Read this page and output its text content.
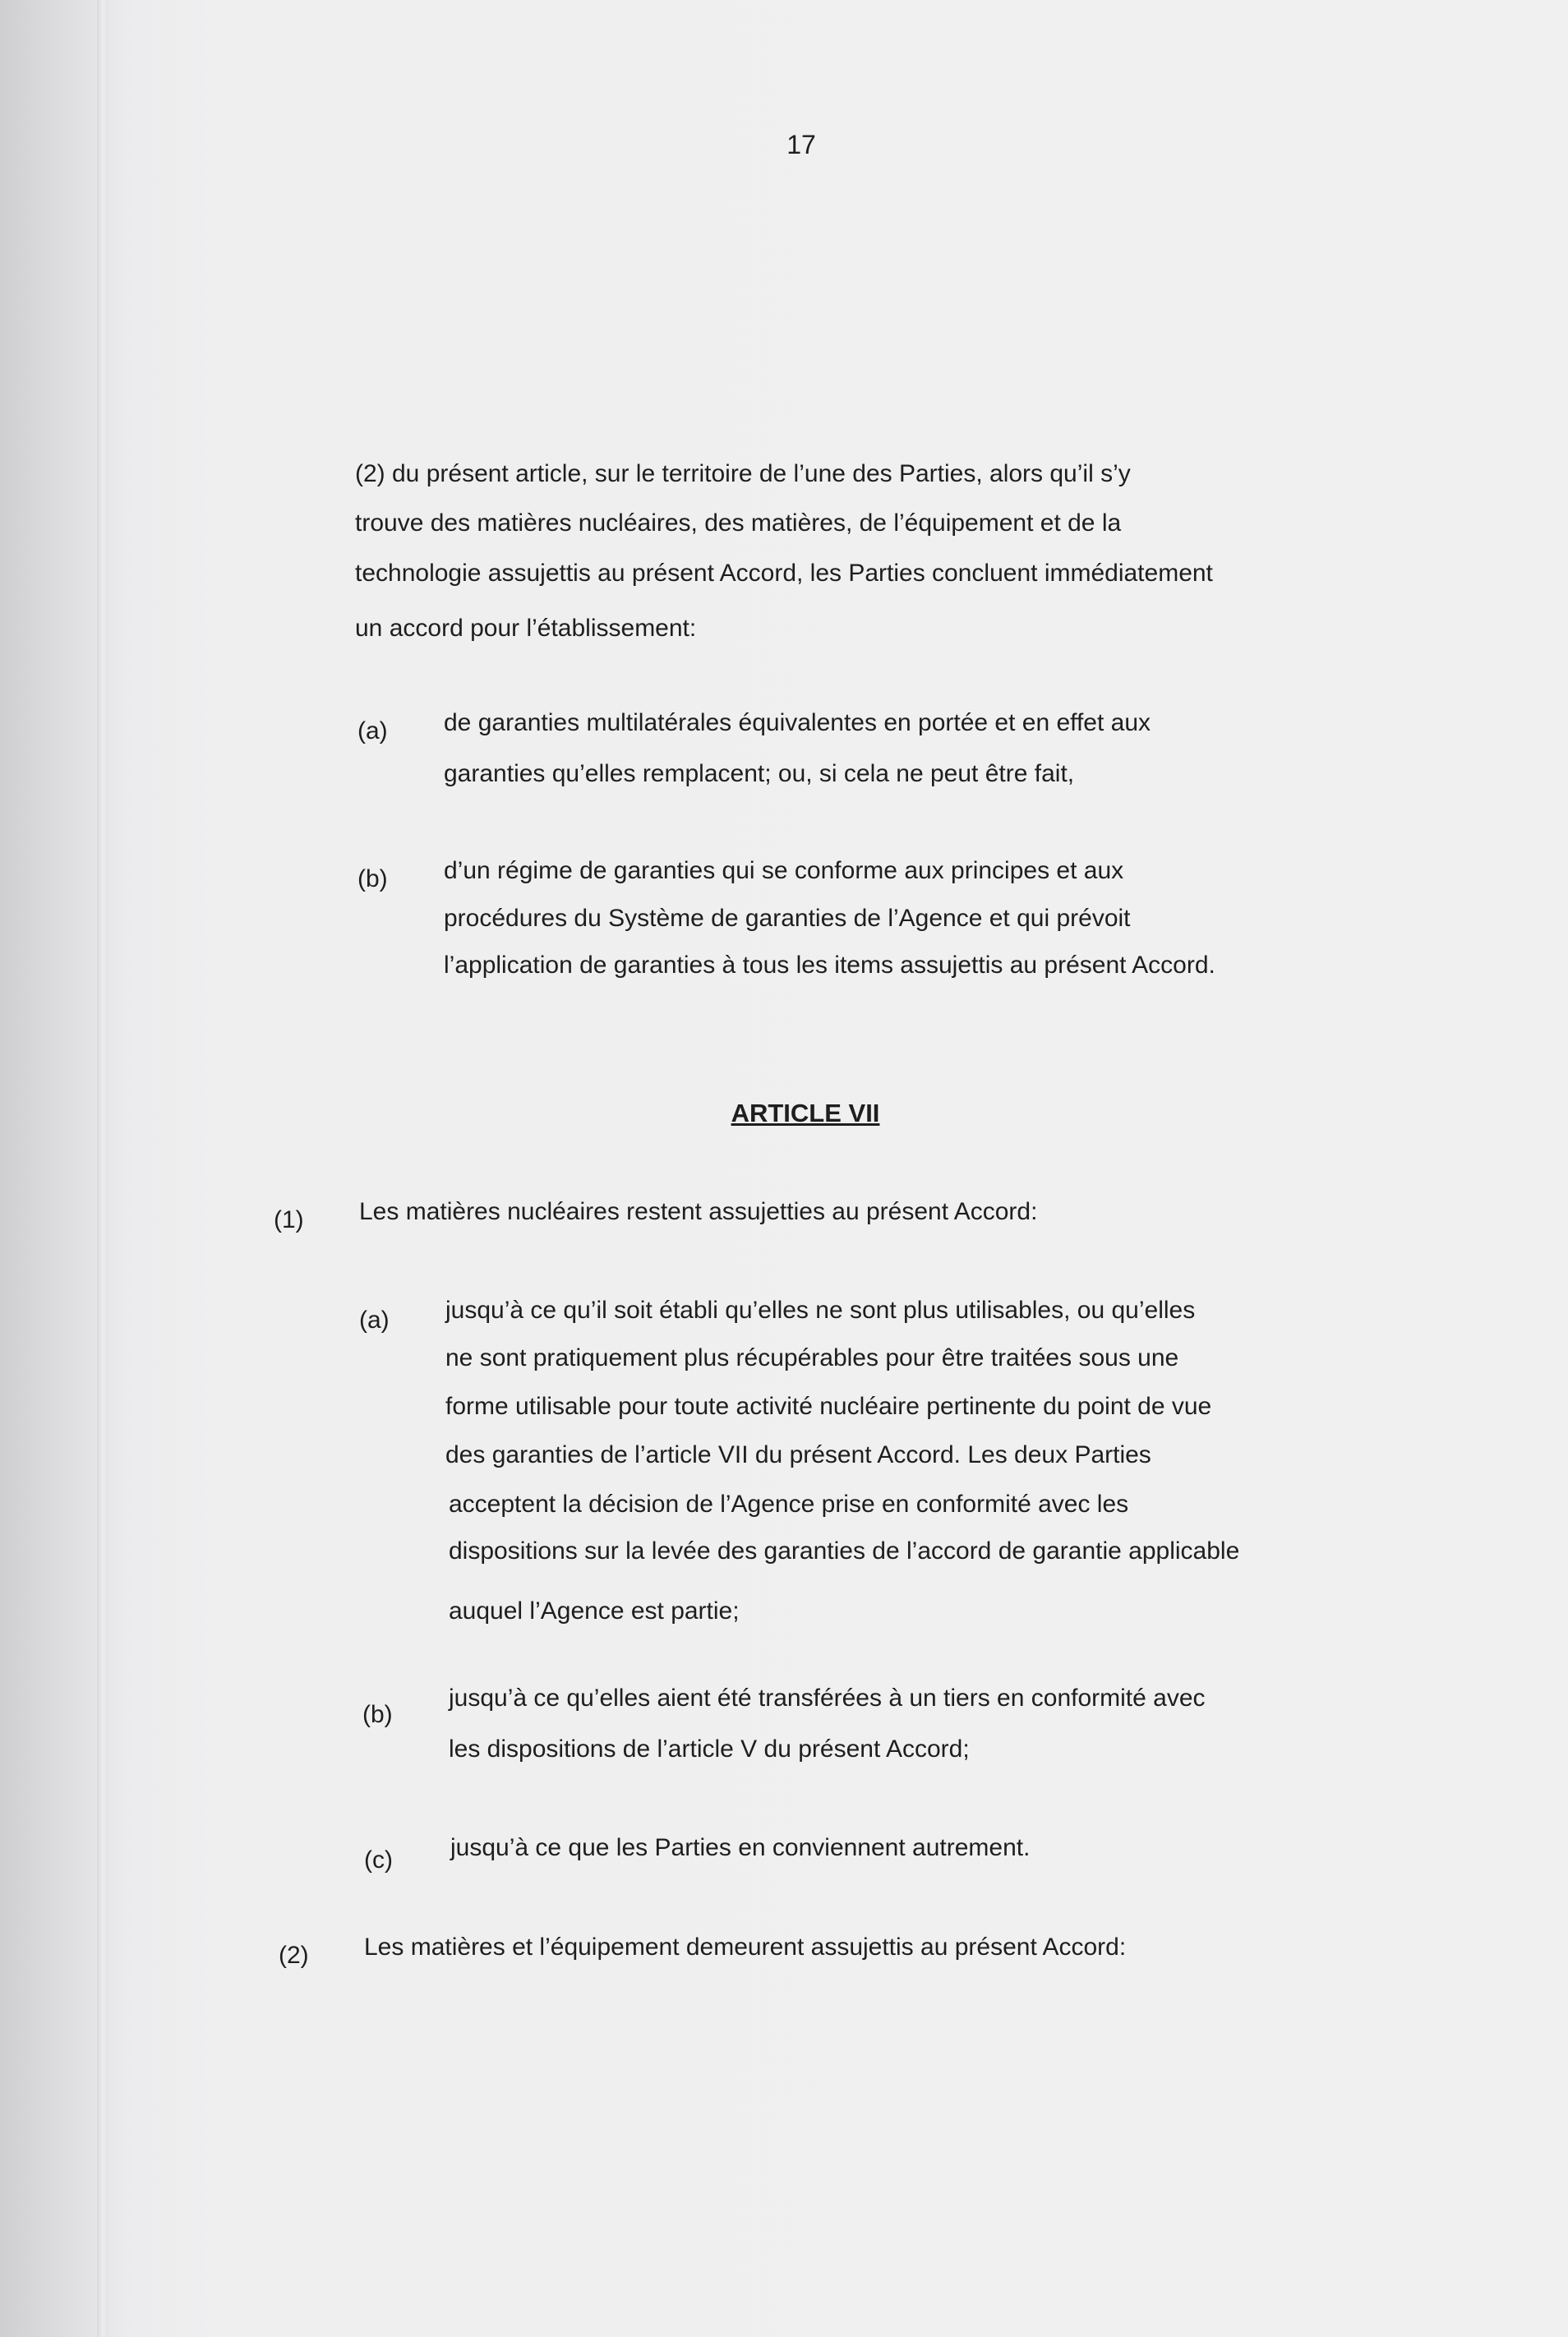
17
(2) du présent article, sur le territoire de l’une des Parties, alors qu’il s’y
trouve des matières nucléaires, des matières, de l’équipement et de la
technologie assujettis au présent Accord, les Parties concluent immédiatement
un accord pour l’établissement:
(a) de garanties multilatérales équivalentes en portée et en effet aux
garanties qu’elles remplacent; ou, si cela ne peut être fait,
(b) d’un régime de garanties qui se conforme aux principes et aux
procédures du Système de garanties de l’Agence et qui prévoit
l’application de garanties à tous les items assujettis au présent Accord.
ARTICLE VII
(1) Les matières nucléaires restent assujetties au présent Accord:
(a) jusqu’à ce qu’il soit établi qu’elles ne sont plus utilisables, ou qu’elles
ne sont pratiquement plus récupérables pour être traitées sous une
forme utilisable pour toute activité nucléaire pertinente du point de vue
des garanties de l’article VII du présent Accord. Les deux Parties
acceptent la décision de l’Agence prise en conformité avec les
dispositions sur la levée des garanties de l’accord de garantie applicable
auquel l’Agence est partie;
(b)
jusqu’à ce qu’elles aient été transférées à un tiers en conformité avec
les dispositions de l’article V du présent Accord;
(c) jusqu’à ce que les Parties en conviennent autrement.
(2) Les matières et l’équipement demeurent assujettis au présent Accord:
